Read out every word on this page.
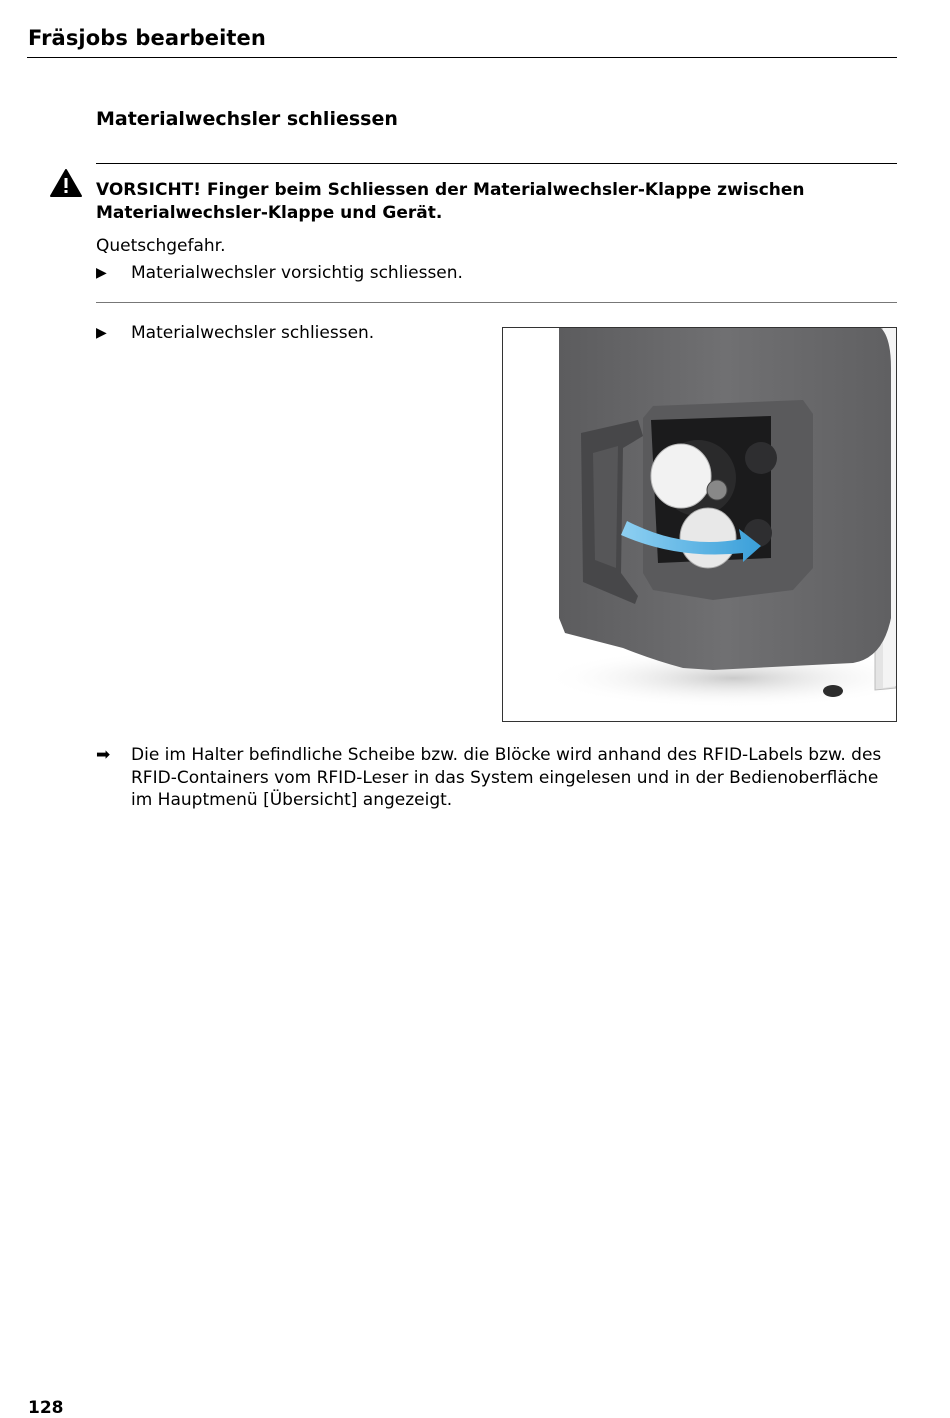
Fräsjobs bearbeiten
Materialwechsler schliessen
VORSICHT! Finger beim Schliessen der Materialwechsler-Klappe zwischen Materialwechsler-Klappe und Gerät.
Quetschgefahr.
▶	Materialwechsler vorsichtig schliessen.
▶	Materialwechsler schliessen.
➡ Die im Halter befindliche Scheibe bzw. die Blöcke wird anhand des RFID-Labels bzw. des RFID-Containers vom RFID-Leser in das System eingelesen und in der Bedienoberfläche im Hauptmenü [Übersicht] angezeigt.
128
